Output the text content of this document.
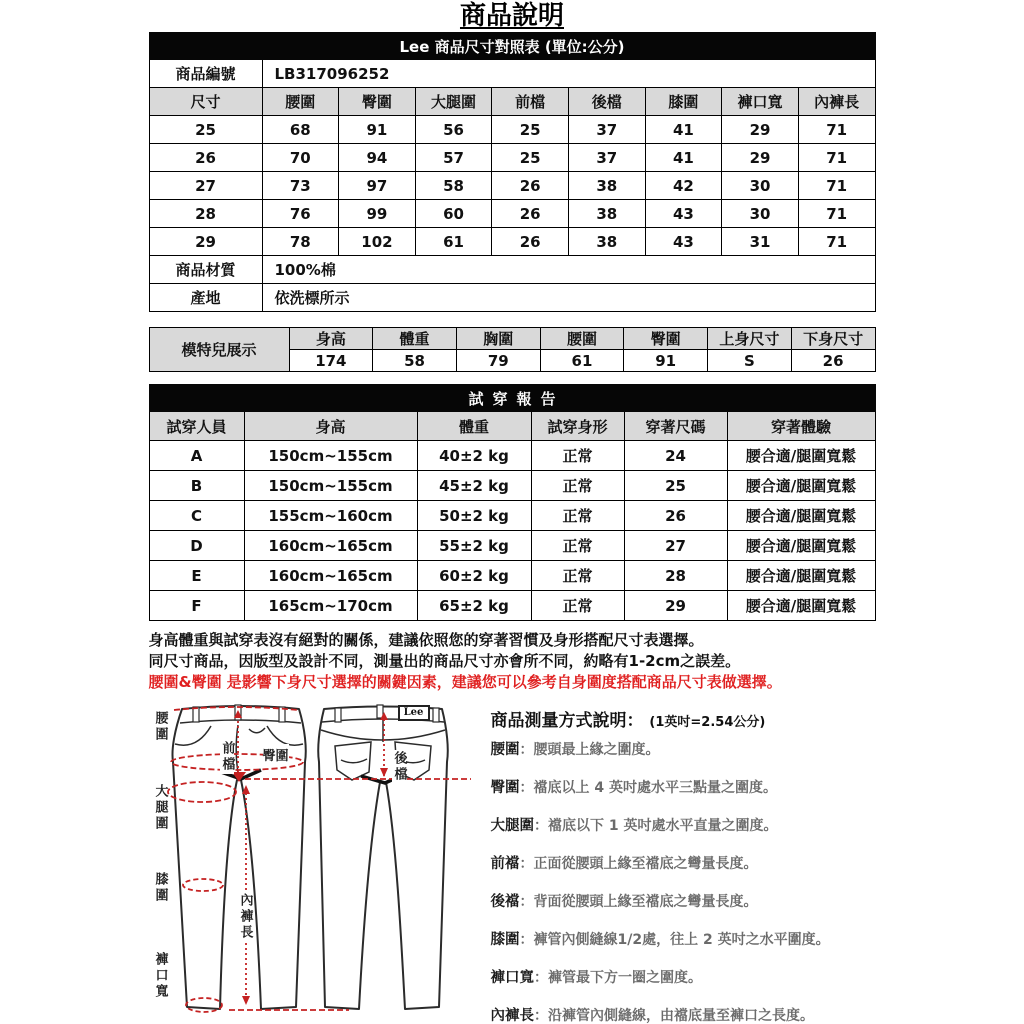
商品說明
Lee 商品尺寸對照表 (單位:公分)								
商品編號	LB317096252							
尺寸	腰圍	臀圍	大腿圍	前檔	後檔	膝圍	褲口寬	內褲長
25	68	91	56	25	37	41	29	71
26	70	94	57	25	37	41	29	71
27	73	97	58	26	38	42	30	71
28	76	99	60	26	38	43	30	71
29	78	102	61	26	38	43	31	71
商品材質	100%棉							
產地	依洗標所示							
模特兒展示	身高	體重	胸圍	腰圍	臀圍	上身尺寸	下身尺寸
	174	58	79	61	91	S	26
試穿報告					
試穿人員	身高	體重	試穿身形	穿著尺碼	穿著體驗
A	150cm~155cm	40±2 kg	正常	24	腰合適/腿圍寬鬆
B	150cm~155cm	45±2 kg	正常	25	腰合適/腿圍寬鬆
C	155cm~160cm	50±2 kg	正常	26	腰合適/腿圍寬鬆
D	160cm~165cm	55±2 kg	正常	27	腰合適/腿圍寬鬆
E	160cm~165cm	60±2 kg	正常	28	腰合適/腿圍寬鬆
F	165cm~170cm	65±2 kg	正常	29	腰合適/腿圍寬鬆
身高體重與試穿表沒有絕對的關係，建議依照您的穿著習慣及身形搭配尺寸表選擇。
同尺寸商品，因版型及設計不同，測量出的商品尺寸亦會所不同，約略有1-2cm之誤差。
腰圍&臀圍 是影響下身尺寸選擇的關鍵因素，建議您可以參考自身圍度搭配商品尺寸表做選擇。
腰圍
大腿圍
膝圍
褲口寬
前檔 臀圍	後檔
內褲長
Lee	商品測量方式說明： (1英吋=2.54公分)
腰圍：腰頭最上緣之圍度。
臀圍：襠底以上 4 英吋處水平三點量之圍度。
大腿圍：襠底以下 1 英吋處水平直量之圍度。
前襠：正面從腰頭上緣至襠底之彎量長度。
後襠：背面從腰頭上緣至襠底之彎量長度。
膝圍：褲管內側縫線1/2處，往上 2 英吋之水平圍度。
褲口寬：褲管最下方一圈之圍度。
內褲長：沿褲管內側縫線，由襠底量至褲口之長度。
